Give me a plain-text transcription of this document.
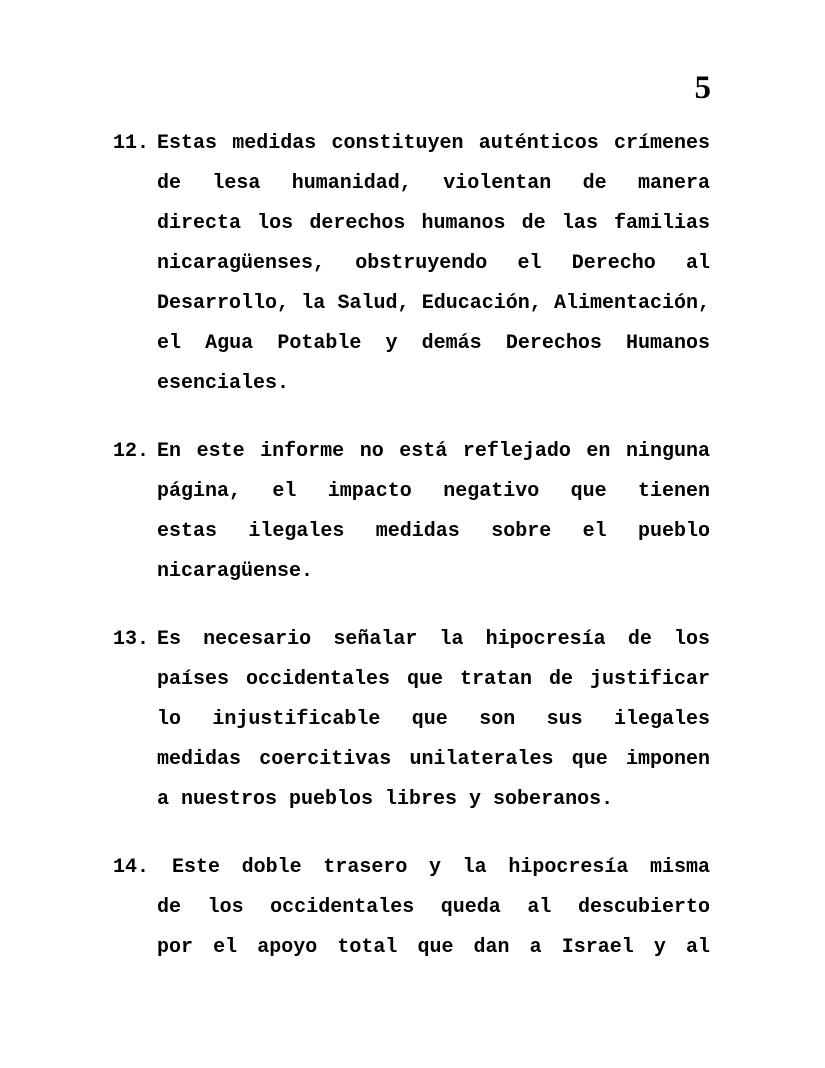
5
11. Estas medidas constituyen auténticos crímenes
de lesa humanidad, violentan de manera
directa los derechos humanos de las familias
nicaragüenses, obstruyendo el Derecho al
Desarrollo, la Salud, Educación, Alimentación,
el Agua Potable y demás Derechos Humanos
esenciales.
12. En este informe no está reflejado en ninguna
página, el impacto negativo que tienen
estas ilegales medidas sobre el pueblo
nicaragüense.
13. Es necesario señalar la hipocresía de los
países occidentales que tratan de justificar
lo injustificable que son sus ilegales
medidas coercitivas unilaterales que imponen
a nuestros pueblos libres y soberanos.
14.	Este doble trasero y la hipocresía misma
de los occidentales queda al descubierto
por el apoyo total que dan a Israel y al
